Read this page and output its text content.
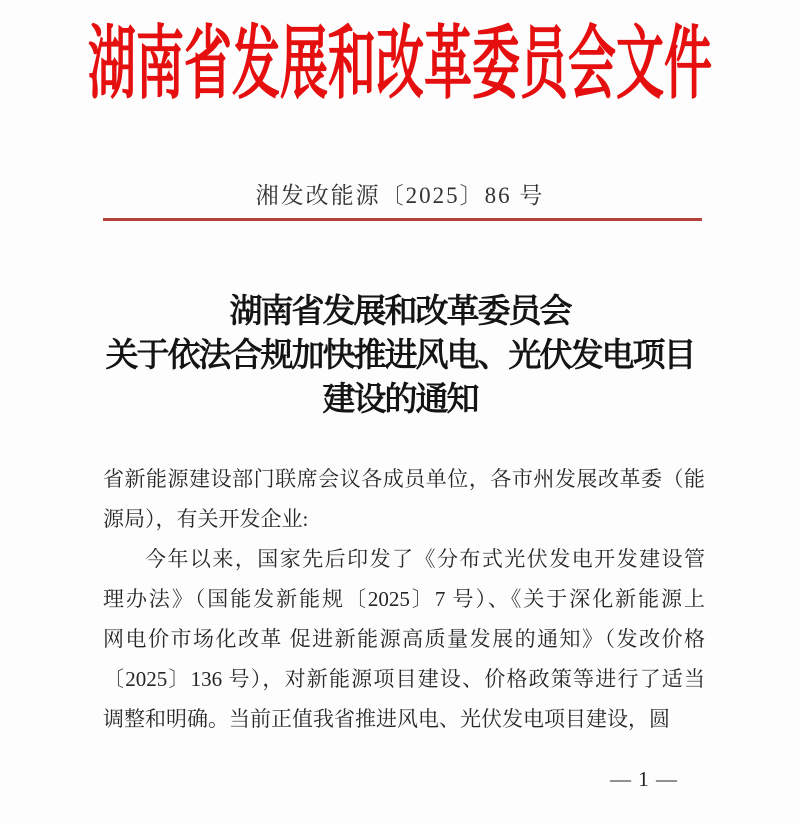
湖南省发展和改革委员会文件
湘发改能源〔2025〕86 号
湖南省发展和改革委员会
关于依法合规加快推进风电、光伏发电项目
建设的通知
省新能源建设部门联席会议各成员单位，各市州发展改革委（能
源局），有关开发企业:
今年以来，国家先后印发了《分布式光伏发电开发建设管
理办法》（国能发新能规〔2025〕7 号）、《关于深化新能源上
网电价市场化改革 促进新能源高质量发展的通知》（发改价格
〔2025〕136 号），对新能源项目建设、价格政策等进行了适当
调整和明确。当前正值我省推进风电、光伏发电项目建设，圆
— 1 —
